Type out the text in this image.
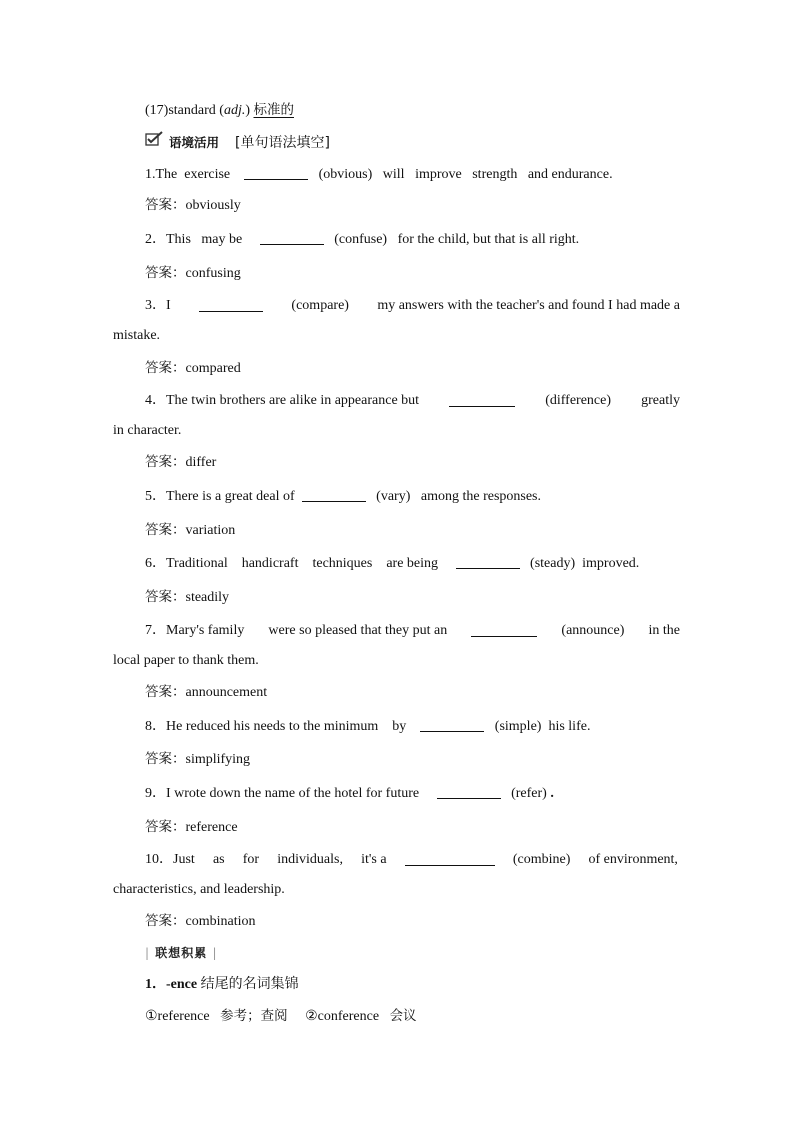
(17)standard (adj.) 标准的
语境活用 [单句语法填空]
1.The exercise	(obvious) will improve strength and endurance.
答案：obviously
2．This may be	(confuse) for the child, but that is all right.
答案：confusing
3．I	(compare) my answers with the teacher's and found I had made a
mistake.
答案：compared
4．The twin brothers are alike in appearance but	(difference) greatly
in character.
答案：differ
5．There is a great deal of	(vary) among the responses.
答案：variation
6．Traditional handicraft techniques are being	(steady) improved.
答案：steadily
7．Mary's family were so pleased that they put an	(announce) in the
local paper to thank them.
答案：announcement
8．He reduced his needs to the minimum by	(simple) his life.
答案：simplifying
9．I wrote down the name of the hotel for future	(refer) .
答案：reference
10．Just as for individuals, it's a	(combine) of environment,
characteristics, and leadership.
答案：combination
| 联想积累 |
1．-ence 结尾的名词集锦
①reference 参考；查阅 ②conference 会议
